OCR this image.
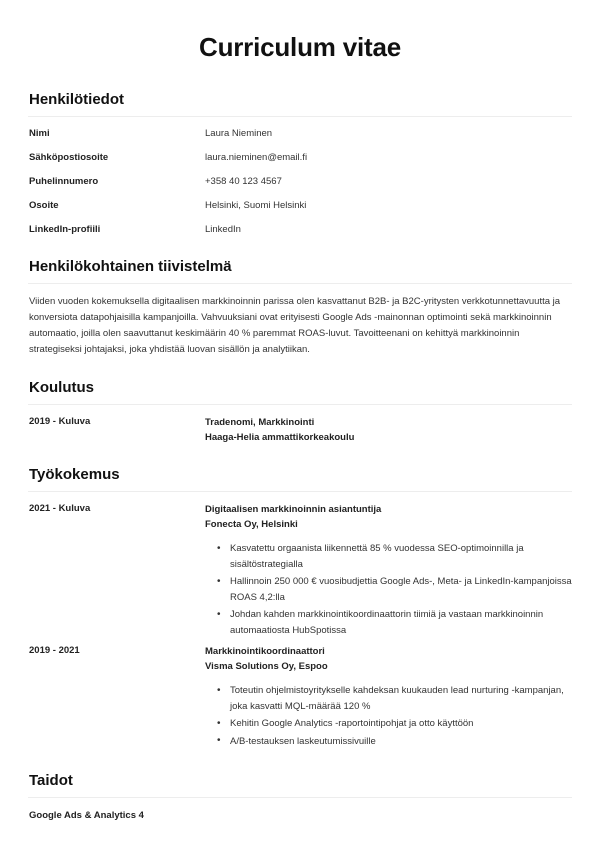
Curriculum vitae
Henkilötiedot
Nimi	Laura Nieminen
Sähköpostiosoite	laura.nieminen@email.fi
Puhelinnumero	+358 40 123 4567
Osoite	Helsinki, Suomi Helsinki
LinkedIn-profiili	LinkedIn
Henkilökohtainen tiivistelmä

Viiden vuoden kokemuksella digitaalisen markkinoinnin parissa olen kasvattanut B2B- ja B2C-yritysten verkkotunnettavuutta ja konversiota datapohjaisilla kampanjoilla. Vahvuuksiani ovat erityisesti Google Ads -mainonnan optimointi sekä markkinoinnin automaatio, joilla olen saavuttanut keskimäärin 40 % paremmat ROAS-luvut. Tavoitteenani on kehittyä markkinoinnin strategiseksi johtajaksi, joka yhdistää luovan sisällön ja analytiikan.

Koulutus
2019 - Kuluva	Tradenomi, Markkinointi
Haaga-Helia ammattikorkeakoulu
Työkokemus
2021 - Kuluva	Digitaalisen markkinoinnin asiantuntija
Fonecta Oy, Helsinki
• Kasvatettu orgaanista liikennettä 85 % vuodessa SEO-optimoinnilla ja sisältöstrategialla
• Hallinnoin 250 000 € vuosibudjettia Google Ads-, Meta- ja LinkedIn-kampanjoissa ROAS 4,2:lla
• Johdan kahden markkinointikoordinaattorin tiimiä ja vastaan markkinoinnin automaatiosta HubSpotissa
2019 - 2021	Markkinointikoordinaattori
Visma Solutions Oy, Espoo
• Toteutin ohjelmistoyritykselle kahdeksan kuukauden lead nurturing -kampanjan, joka kasvatti MQL-määrää 120 %
• Kehitin Google Analytics -raportointipohjat ja otto käyttöön
• A/B-testauksen laskeutumissivuille
Taidot
Google Ads & Analytics 4
